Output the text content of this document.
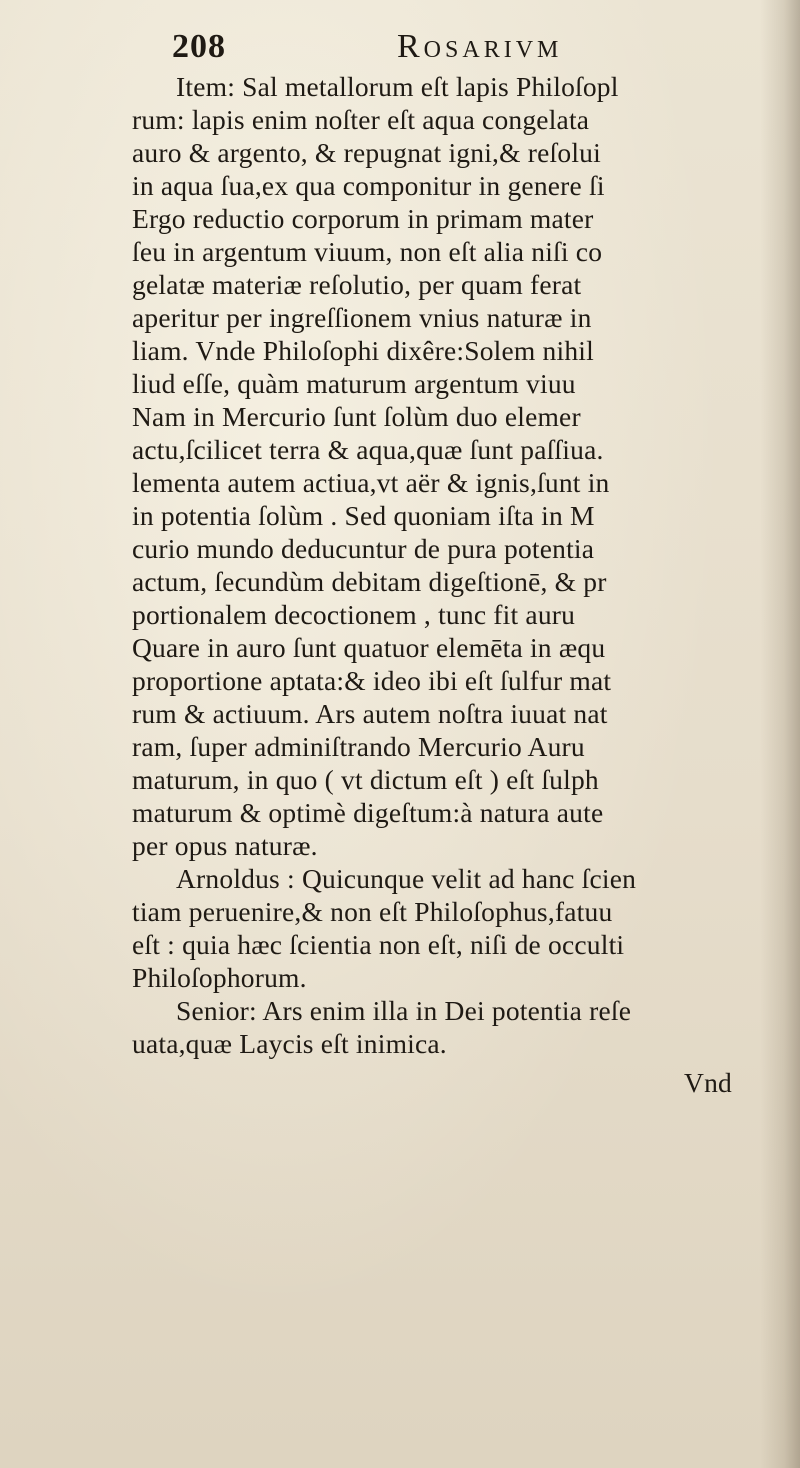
208	Rosarivm
Item: Sal metallorum eſt lapis Philoſopl
rum: lapis enim noſter eſt aqua congelata
auro & argento, & repugnat igni,& reſolui
in aqua ſua,ex qua componitur in genere ſi
Ergo reductio corporum in primam mater
ſeu in argentum viuum, non eſt alia niſi co
gelatæ materiæ reſolutio, per quam ferat
aperitur per ingreſſionem vnius naturæ in
liam. Vnde Philoſophi dixêre:Solem nihil
liud eſſe, quàm maturum argentum viuu
Nam in Mercurio ſunt ſolùm duo elemer
actu,ſcilicet terra & aqua,quæ ſunt paſſiua.
lementa autem actiua,vt aër & ignis,ſunt in
in potentia ſolùm . Sed quoniam iſta in M
curio mundo deducuntur de pura potentia
actum, ſecundùm debitam digeſtionē, & pr
portionalem decoctionem , tunc fit auru
Quare in auro ſunt quatuor elemēta in æqu
proportione aptata:& ideo ibi eſt ſulfur mat
rum & actiuum. Ars autem noſtra iuuat nat
ram, ſuper adminiſtrando Mercurio Auru
maturum, in quo ( vt dictum eſt ) eſt ſulph
maturum & optimè digeſtum:à natura aute
per opus naturæ.
Arnoldus : Quicunque velit ad hanc ſcien
tiam peruenire,& non eſt Philoſophus,fatuu
eſt : quia hæc ſcientia non eſt, niſi de occulti
Philoſophorum.
Senior: Ars enim illa in Dei potentia reſe
uata,quæ Laycis eſt inimica.
Vnd
